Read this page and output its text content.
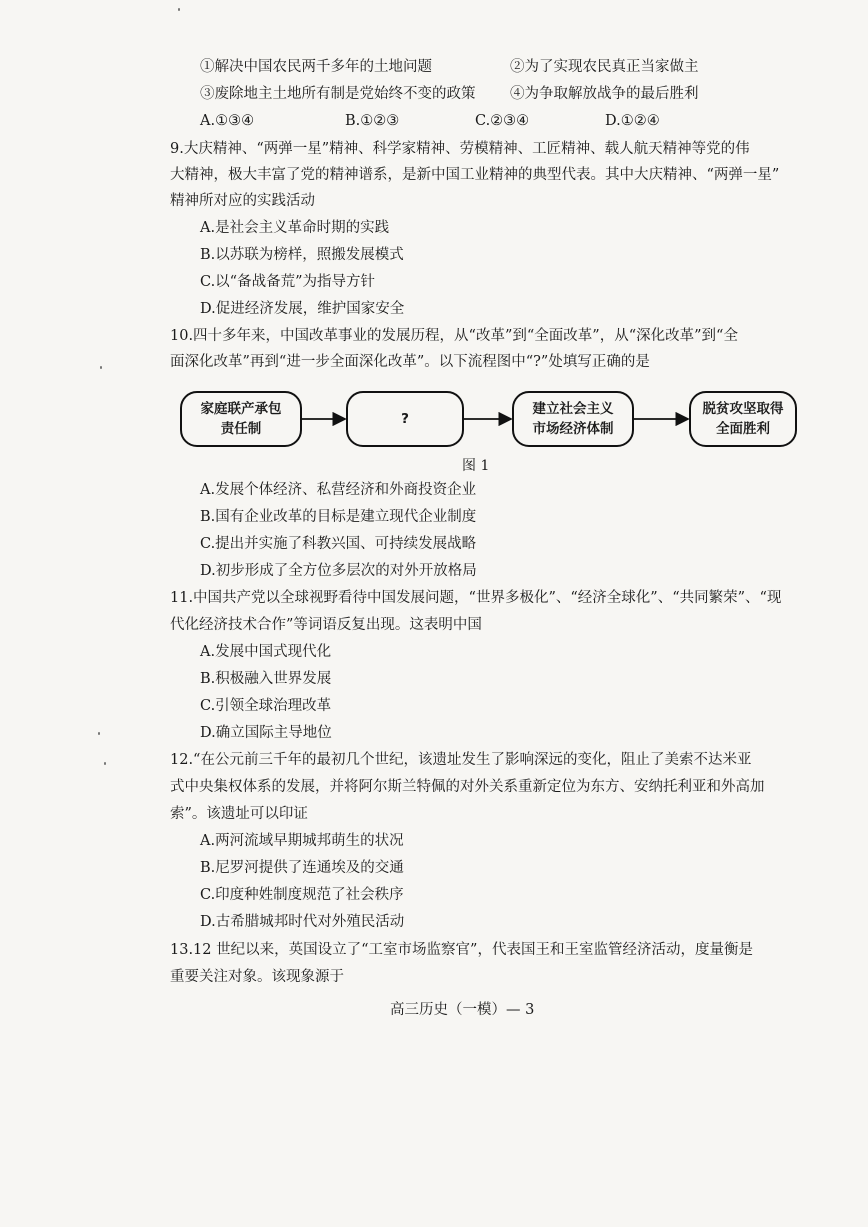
①解决中国农民两千多年的土地问题	②为了实现农民真正当家做主
③废除地主土地所有制是党始终不变的政策 ④为争取解放战争的最后胜利
A.①③④	B.①②③	C.②③④	D.①②④
9.大庆精神、“两弹一星”精神、科学家精神、劳模精神、工匠精神、载人航天精神等党的伟
大精神，极大丰富了党的精神谱系，是新中国工业精神的典型代表。其中大庆精神、“两弹一星”
精神所对应的实践活动
A.是社会主义革命时期的实践
B.以苏联为榜样，照搬发展模式
C.以“备战备荒”为指导方针
D.促进经济发展，维护国家安全
10.四十多年来，中国改革事业的发展历程，从“改革”到“全面改革”，从“深化改革”到“全
面深化改革”再到“进一步全面深化改革”。以下流程图中“?”处填写正确的是
家庭联产承包
责任制
?
建立社会主义
市场经济体制
脱贫攻坚取得
全面胜利
图 1
A.发展个体经济、私营经济和外商投资企业
B.国有企业改革的目标是建立现代企业制度
C.提出并实施了科教兴国、可持续发展战略
D.初步形成了全方位多层次的对外开放格局
11.中国共产党以全球视野看待中国发展问题，“世界多极化”、“经济全球化”、“共同繁荣”、“现
代化经济技术合作”等词语反复出现。这表明中国
A.发展中国式现代化
B.积极融入世界发展
C.引领全球治理改革
D.确立国际主导地位
12.“在公元前三千年的最初几个世纪，该遗址发生了影响深远的变化，阻止了美索不达米亚
式中央集权体系的发展，并将阿尔斯兰特佩的对外关系重新定位为东方、安纳托利亚和外高加
索”。该遗址可以印证
A.两河流域早期城邦萌生的状况
B.尼罗河提供了连通埃及的交通
C.印度种姓制度规范了社会秩序
D.古希腊城邦时代对外殖民活动
13.12 世纪以来，英国设立了“工室市场监察官”，代表国王和王室监管经济活动，度量衡是
重要关注对象。该现象源于
高三历史（一模）— 3
